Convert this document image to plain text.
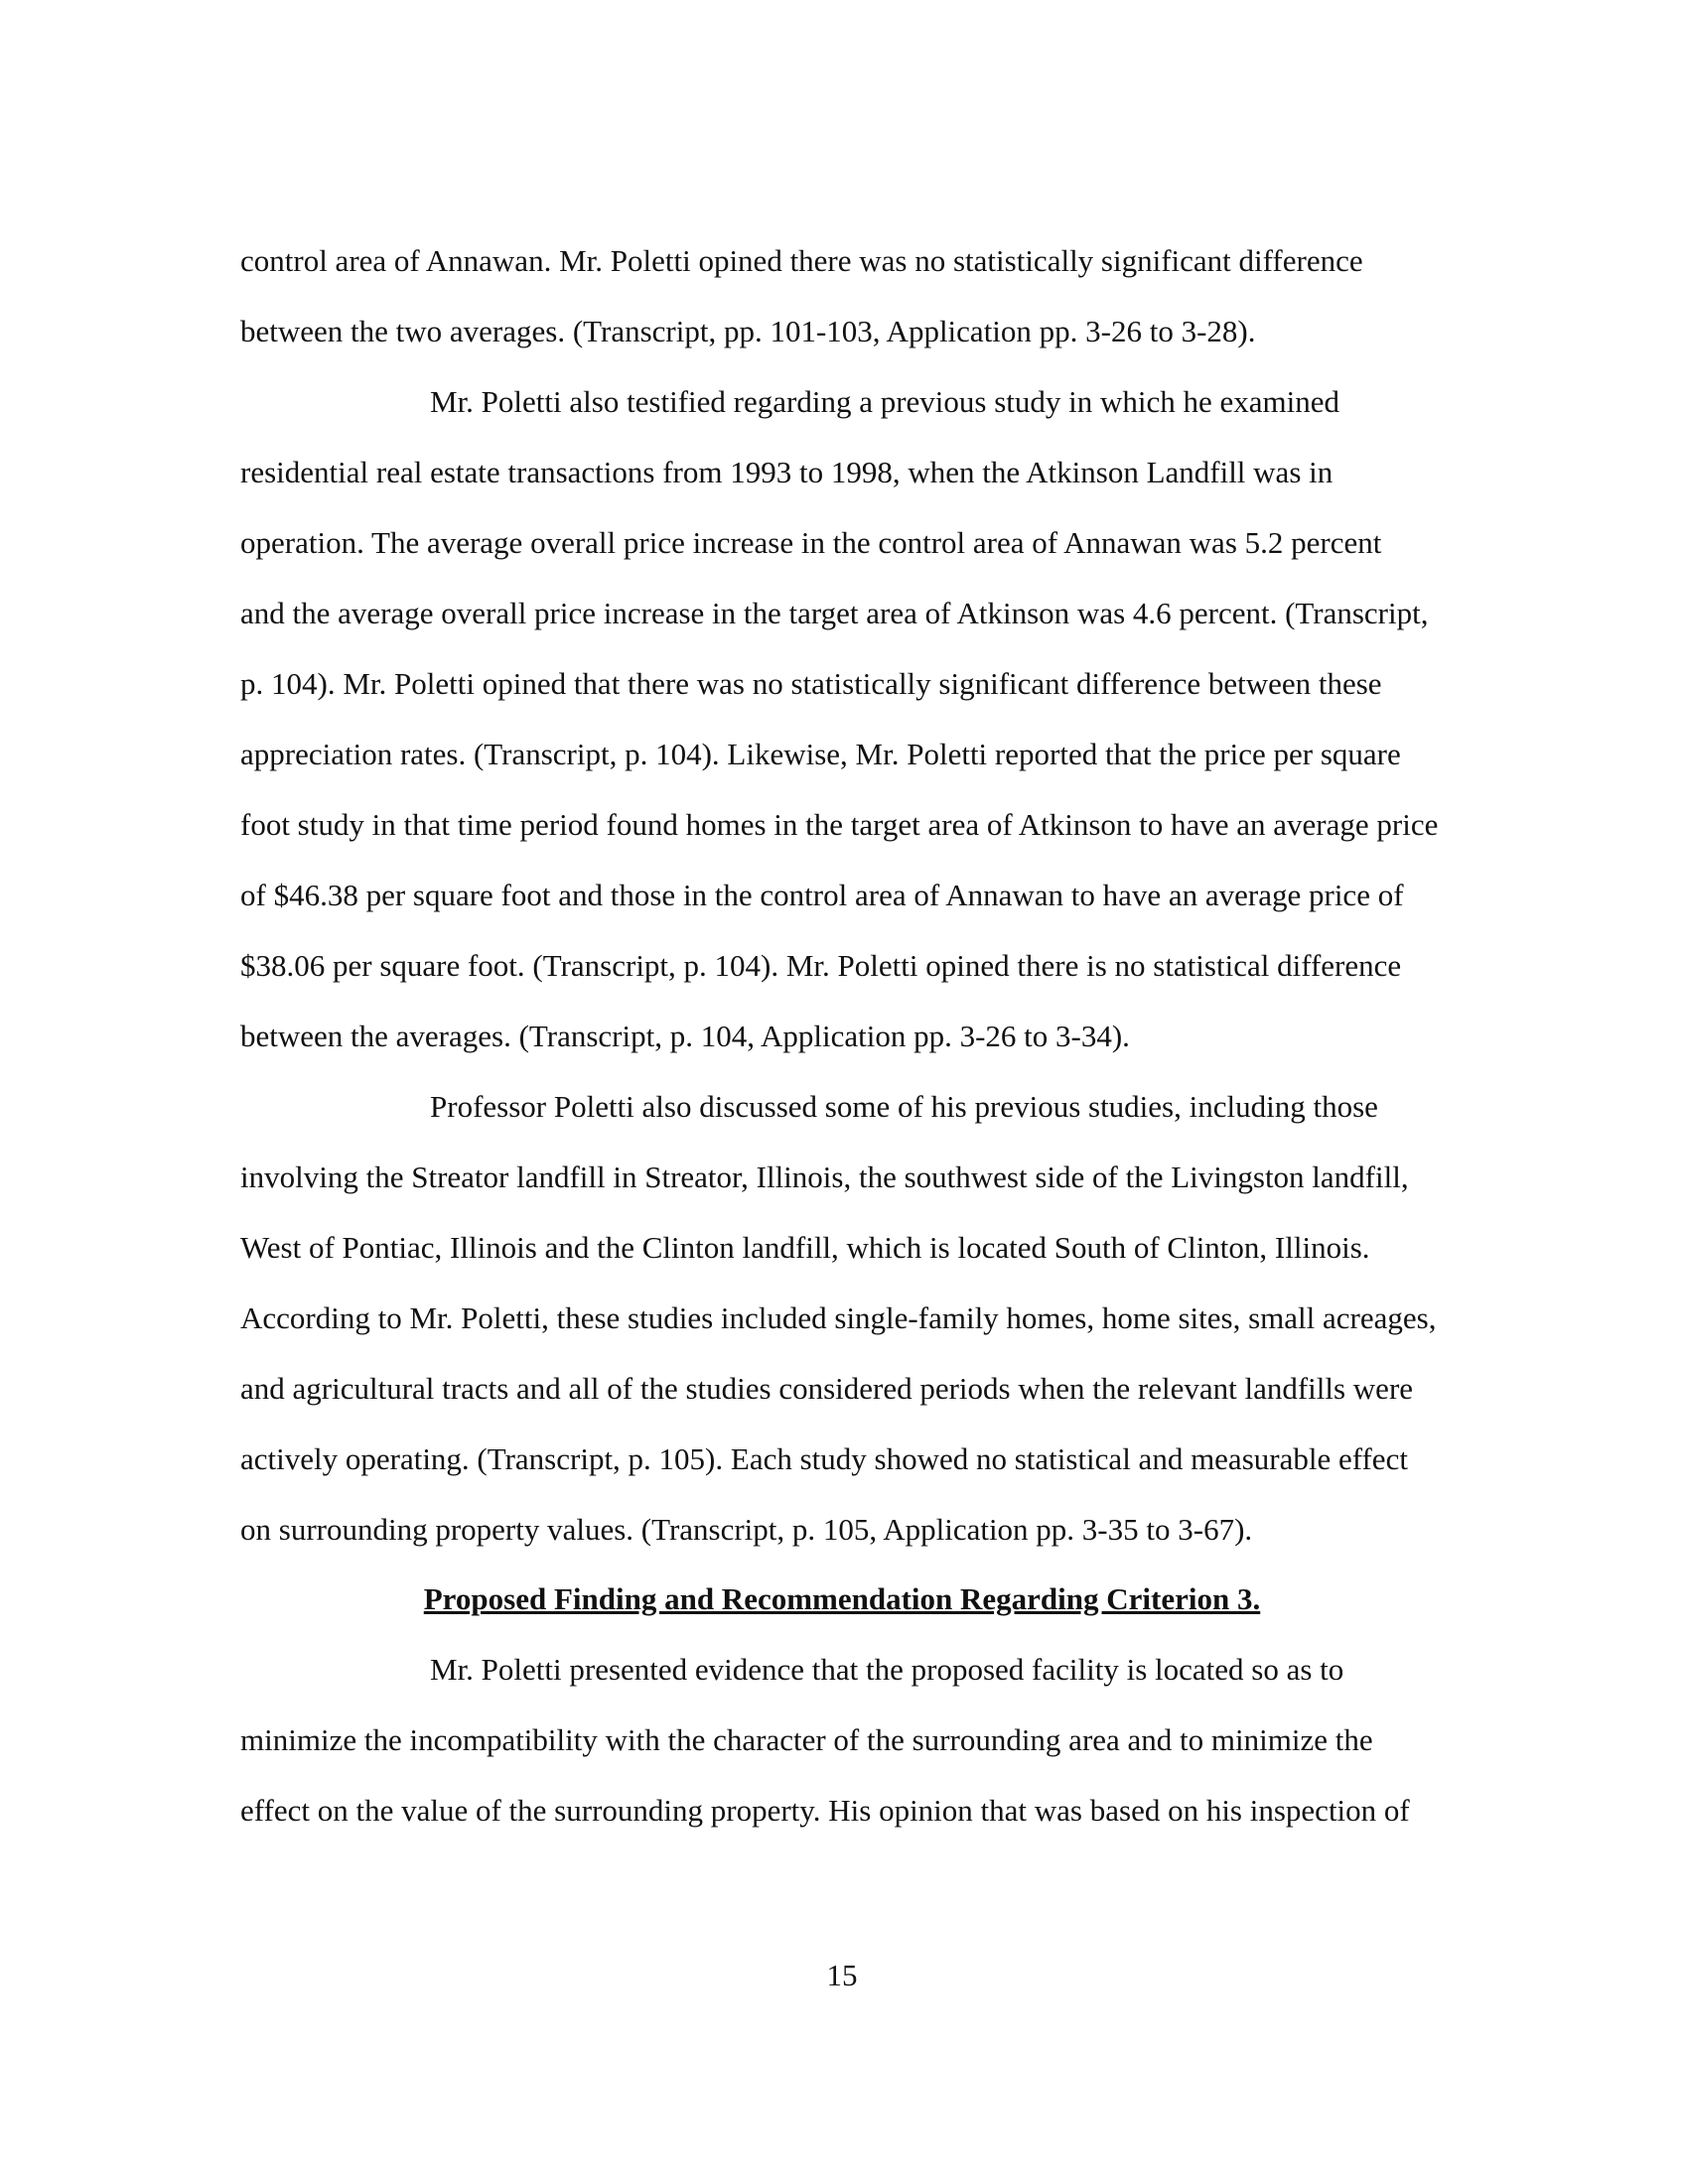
control area of Annawan. Mr. Poletti opined there was no statistically significant difference
between the two averages. (Transcript, pp. 101-103, Application pp. 3-26 to 3-28).
Mr. Poletti also testified regarding a previous study in which he examined
residential real estate transactions from 1993 to 1998, when the Atkinson Landfill was in
operation. The average overall price increase in the control area of Annawan was 5.2 percent
and the average overall price increase in the target area of Atkinson was 4.6 percent. (Transcript,
p. 104). Mr. Poletti opined that there was no statistically significant difference between these
appreciation rates. (Transcript, p. 104). Likewise, Mr. Poletti reported that the price per square
foot study in that time period found homes in the target area of Atkinson to have an average price
of $46.38 per square foot and those in the control area of Annawan to have an average price of
$38.06 per square foot. (Transcript, p. 104). Mr. Poletti opined there is no statistical difference
between the averages. (Transcript, p. 104, Application pp. 3-26 to 3-34).
Professor Poletti also discussed some of his previous studies, including those
involving the Streator landfill in Streator, Illinois, the southwest side of the Livingston landfill,
West of Pontiac, Illinois and the Clinton landfill, which is located South of Clinton, Illinois.
According to Mr. Poletti, these studies included single-family homes, home sites, small acreages,
and agricultural tracts and all of the studies considered periods when the relevant landfills were
actively operating. (Transcript, p. 105). Each study showed no statistical and measurable effect
on surrounding property values. (Transcript, p. 105, Application pp. 3-35 to 3-67).
Proposed Finding and Recommendation Regarding Criterion 3.
Mr. Poletti presented evidence that the proposed facility is located so as to
minimize the incompatibility with the character of the surrounding area and to minimize the
effect on the value of the surrounding property. His opinion that was based on his inspection of
15
